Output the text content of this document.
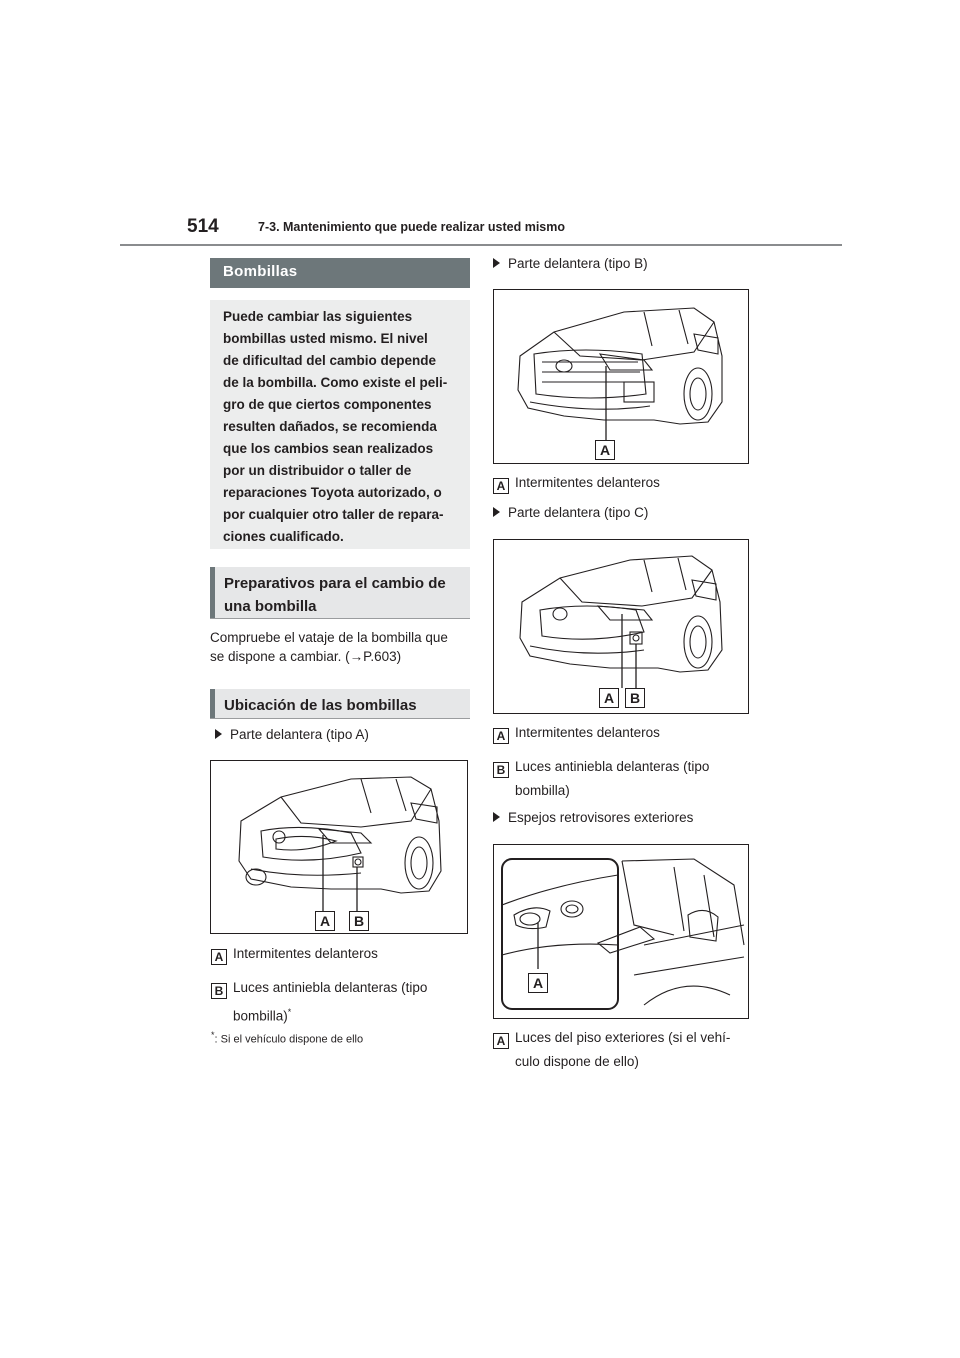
514	7-3. Mantenimiento que puede realizar usted mismo
Bombillas

Puede cambiar las siguientes

bombillas usted mismo. El nivel

de dificultad del cambio depende

de la bombilla. Como existe el peli-

gro de que ciertos componentes

resulten dañados, se recomienda

que los cambios sean realizados

por un distribuidor o taller de

reparaciones Toyota autorizado, o

por cualquier otro taller de repara-

ciones cualificado.

Preparativos para el cambio de
una bombilla
Compruebe el vataje de la bombilla que
se dispone a cambiar. (→P.603)
Ubicación de las bombillas
Parte delantera (tipo A)
A	B
A Intermitentes delanteros
B Luces antiniebla delanteras (tipo
bombilla)*
*: Si el vehículo dispone de ello
Parte delantera (tipo B)
A
A Intermitentes delanteros
Parte delantera (tipo C)
A	B
A Intermitentes delanteros
B Luces antiniebla delanteras (tipo
bombilla)
Espejos retrovisores exteriores
A
A Luces del piso exteriores (si el vehí-
culo dispone de ello)
